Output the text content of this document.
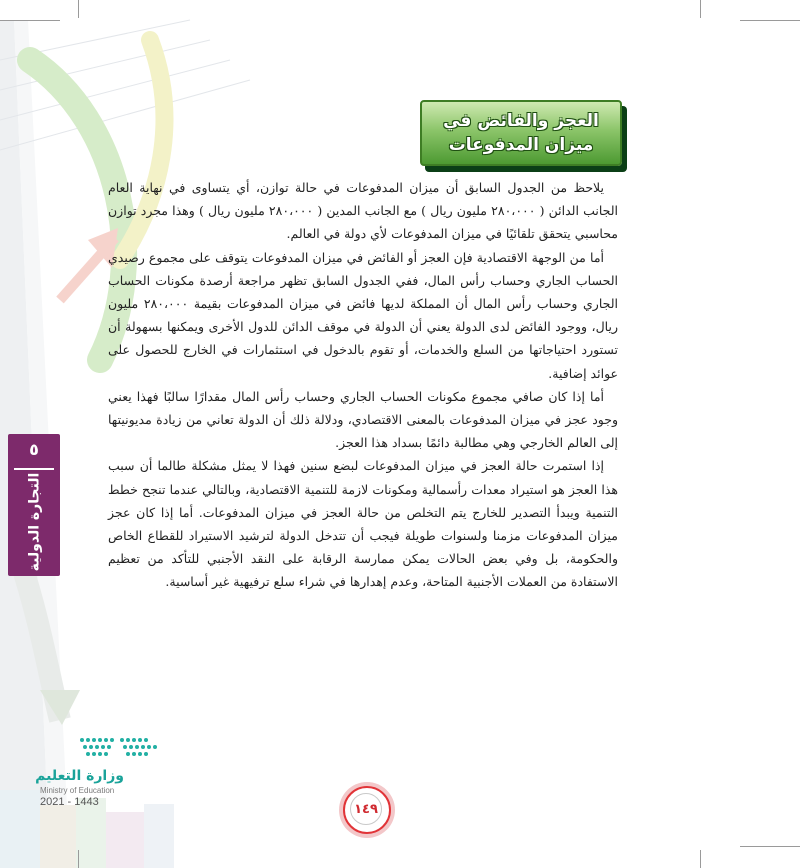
العجز والفائض في
ميزان المدفوعات

يلاحظ من الجدول السابق أن ميزان المدفوعات في حالة توازن، أي يتساوى في نهاية العام الجانب الدائن ( ٢٨٠،٠٠٠ مليون ريال ) مع الجانب المدين ( ٢٨٠،٠٠٠ مليون ريال ) وهذا مجرد توازن محاسبي يتحقق تلقائيًا في ميزان المدفوعات لأي دولة في العالم.

أما من الوجهة الاقتصادية فإن العجز أو الفائض في ميزان المدفوعات يتوقف على مجموع رصيدي الحساب الجاري وحساب رأس المال، ففي الجدول السابق تظهر مراجعة أرصدة مكونات الحساب الجاري وحساب رأس المال أن المملكة لديها فائض في ميزان المدفوعات بقيمة ٢٨٠،٠٠٠ مليون ريال، ووجود الفائض لدى الدولة يعني أن الدولة في موقف الدائن للدول الأخرى ويمكنها بسهولة أن تستورد احتياجاتها من السلع والخدمات، أو تقوم بالدخول في استثمارات في الخارج للحصول على عوائد إضافية.

أما إذا كان صافي مجموع مكونات الحساب الجاري وحساب رأس المال مقدارًا سالبًا فهذا يعني وجود عجز في ميزان المدفوعات بالمعنى الاقتصادي، ودلالة ذلك أن الدولة تعاني من زيادة مديونيتها إلى العالم الخارجي وهي مطالبة دائمًا بسداد هذا العجز.

إذا استمرت حالة العجز في ميزان المدفوعات لبضع سنين فهذا لا يمثل مشكلة طالما أن سبب هذا العجز هو استيراد معدات رأسمالية ومكونات لازمة للتنمية الاقتصادية، وبالتالي عندما تنجح خطط التنمية ويبدأ التصدير للخارج يتم التخلص من حالة العجز في ميزان المدفوعات. أما إذا كان عجز ميزان المدفوعات مزمنا ولسنوات طويلة فيجب أن تتدخل الدولة لترشيد الاستيراد للقطاع الخاص والحكومة، بل وفي بعض الحالات يمكن ممارسة الرقابة على النقد الأجنبي للتأكد من تعظيم الاستفادة من العملات الأجنبية المتاحة، وعدم إهدارها في شراء سلع ترفيهية غير أساسية.

٥
التجارة الدولية
وزارة التعليم
Ministry of Education
2021 - 1443	١٤٩
